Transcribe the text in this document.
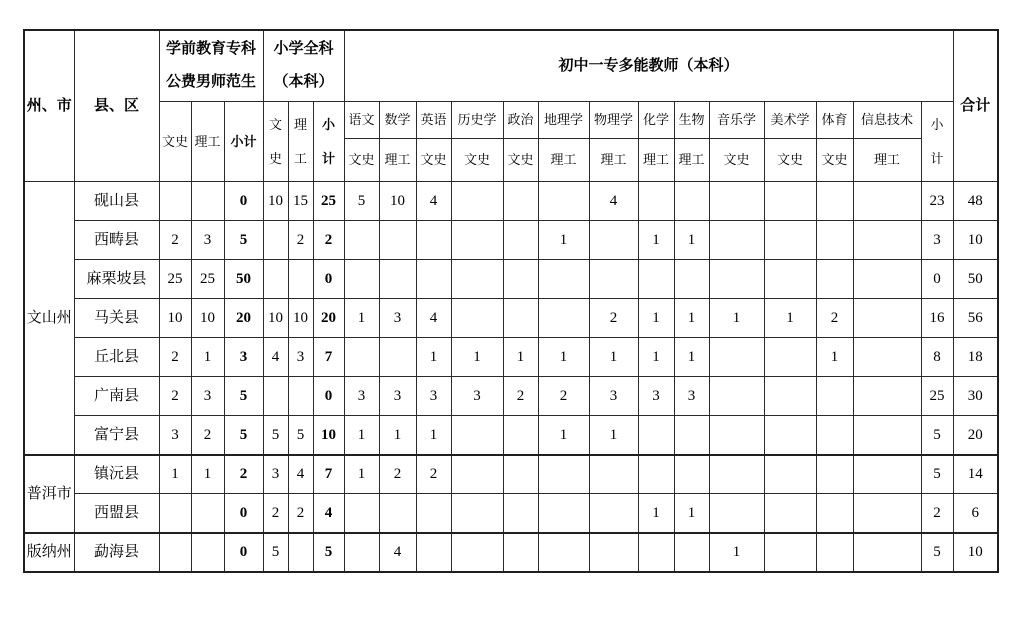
州、市	县、区	
学前教育专科
公费男师范生

小学全科
（本科）
	初中一专多能教师（本科）	合计
文史	理工	小计	
文
史

理
工

小
计
	语文	数学	英语	历史学	政治	地理学	物理学	化学	生物	音乐学	美术学	体育	信息技术	小
计

								文史	理工	文史	文史	文史	理工	理工	理工	理工	文史	文史	文史	理工		
文山州	砚山县			0	10	15	25	5	10	4				4							23	48
	西畴县	2	3	5		2	2						1		1	1					3	10
	麻栗坡县	25	25	50			0														0	50
	马关县	10	10	20	10	10	20	1	3	4				2	1	1	1	1	2		16	56
	丘北县	2	1	3	4	3	7			1	1	1	1	1	1	1			1		8	18
	广南县	2	3	5			0	3	3	3	3	2	2	3	3	3					25	30
	富宁县	3	2	5	5	5	10	1	1	1			1	1							5	20
普洱市	镇沅县	1	1	2	3	4	7	1	2	2											5	14
	西盟县			0	2	2	4								1	1					2	6
版纳州	勐海县			0	5		5		4								1				5	10
